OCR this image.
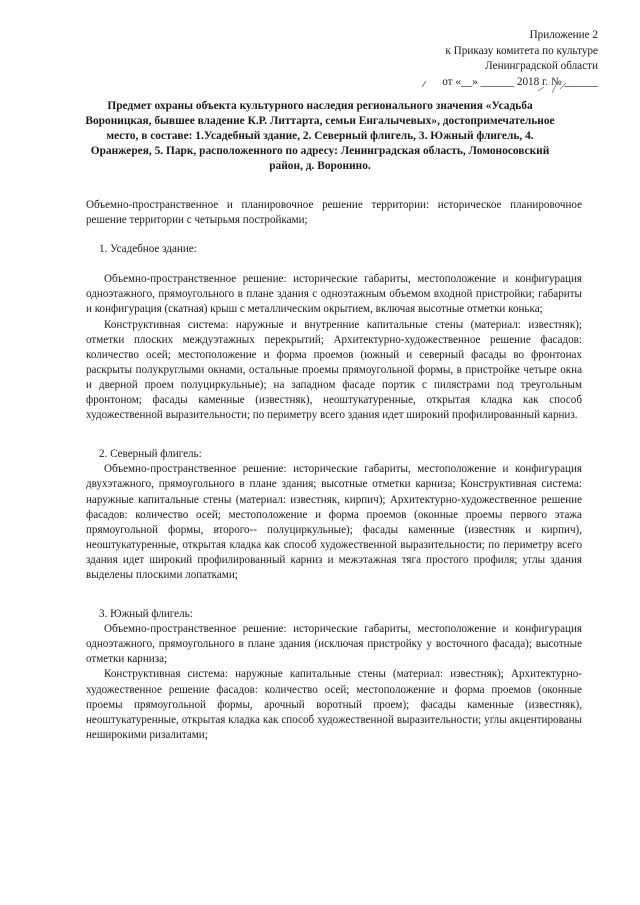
Приложение 2
к Приказу комитета по культуре
Ленинградской области
от «__» ______ 2018 г. № ______
Предмет охраны объекта культурного наследия регионального значения «Усадьба Вороницкая, бывшее владение К.Р. Литтарта, семьи Енгалычевых», достопримечательное место, в составе: 1.Усадебный здание, 2. Северный флигель, 3. Южный флигель, 4. Оранжерея, 5. Парк, расположенного по адресу: Ленинградская область, Ломоносовский район, д. Воронино.

Объемно-пространственное и планировочное решение территории: историческое планировочное решение территории с четырьмя постройками;

1. Усадебное здание:

Объемно-пространственное решение: исторические габариты, местоположение и конфигурация одноэтажного, прямоугольного в плане здания с одноэтажным объемом входной пристройки; габариты и конфигурация (скатная) крыш с металлическим окрытием, включая высотные отметки конька;

Конструктивная система: наружные и внутренние капитальные стены (материал: известняк); отметки плоских междуэтажных перекрытий; Архитектурно-художественное решение фасадов: количество осей; местоположение и форма проемов (южный и северный фасады во фронтонах раскрыты полукруглыми окнами, остальные проемы прямоугольной формы, в пристройке четыре окна и дверной проем полуциркульные); на западном фасаде портик с пилястрами под треугольным фронтоном; фасады каменные (известняк), неоштукатуренные, открытая кладка как способ художественной выразительности; по периметру всего здания идет широкий профилированный карниз.

2. Северный флигель:

Объемно-пространственное решение: исторические габариты, местоположение и конфигурация двухэтажного, прямоугольного в плане здания; высотные отметки карниза; Конструктивная система: наружные капитальные стены (материал: известняк, кирпич); Архитектурно-художественное решение фасадов: количество осей; местоположение и форма проемов (оконные проемы первого этажа прямоугольной формы, второго-- полуциркульные); фасады каменные (известняк и кирпич), неоштукатуренные, открытая кладка как способ художественной выразительности; по периметру всего здания идет широкий профилированный карниз и межэтажная тяга простого профиля; углы здания выделены плоскими лопатками;

3. Южный флигель:

Объемно-пространственное решение: исторические габариты, местоположение и конфигурация одноэтажного, прямоугольного в плане здания (исключая пристройку у восточного фасада); высотные отметки карниза;

Конструктивная система: наружные капитальные стены (материал: известняк); Архитектурно-художественное решение фасадов: количество осей; местоположение и форма проемов (оконные проемы прямоугольной формы, арочный воротный проем); фасады каменные (известняк), неоштукатуренные, открытая кладка как способ художественной выразительности; углы акцентированы неширокими ризалитами;
